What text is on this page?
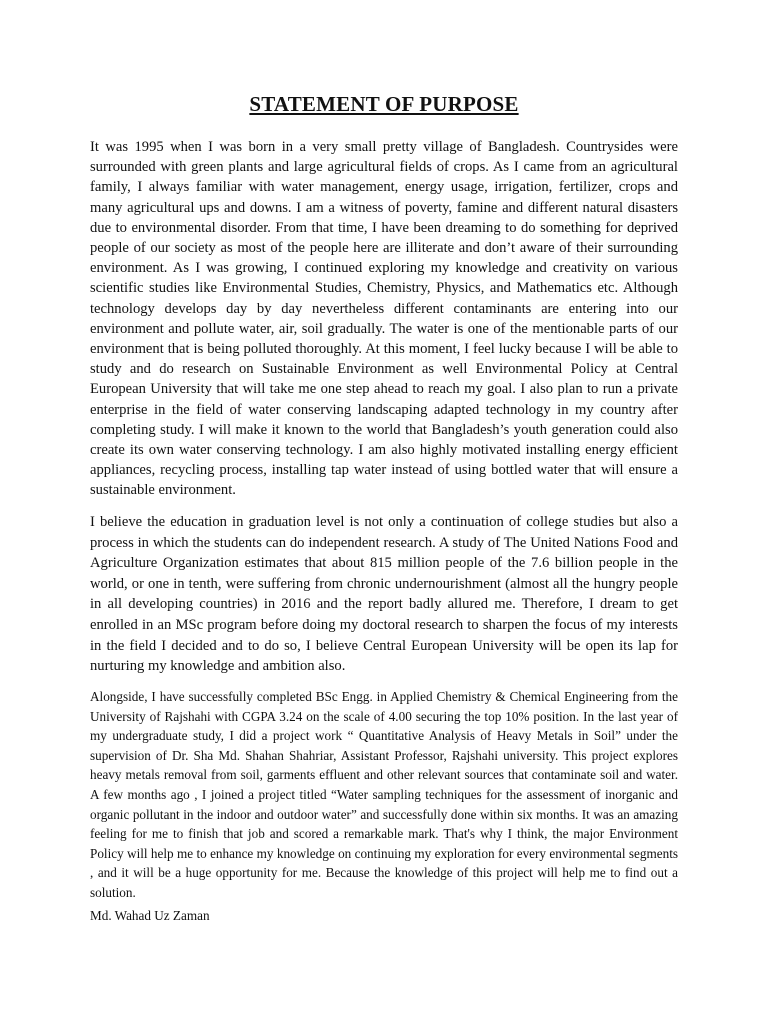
STATEMENT OF PURPOSE

It was 1995 when I was born in a very small pretty village of Bangladesh. Countrysides were surrounded with green plants and large agricultural fields of crops. As I came from an agricultural family, I always familiar with water management, energy usage, irrigation, fertilizer, crops and many agricultural ups and downs. I am a witness of poverty, famine and different natural disasters due to environmental disorder. From that time, I have been dreaming to do something for deprived people of our society as most of the people here are illiterate and don’t aware of their surrounding environment. As I was growing, I continued exploring my knowledge and creativity on various scientific studies like Environmental Studies, Chemistry, Physics, and Mathematics etc. Although technology develops day by day nevertheless different contaminants are entering into our environment and pollute water, air, soil gradually. The water is one of the mentionable parts of our environment that is being polluted thoroughly. At this moment, I feel lucky because I will be able to study and do research on Sustainable Environment as well Environmental Policy at Central European University that will take me one step ahead to reach my goal. I also plan to run a private enterprise in the field of water conserving landscaping adapted technology in my country after completing study. I will make it known to the world that Bangladesh’s youth generation could also create its own water conserving technology. I am also highly motivated installing energy efficient appliances, recycling process, installing tap water instead of using bottled water that will ensure a sustainable environment.

I believe the education in graduation level is not only a continuation of college studies but also a process in which the students can do independent research. A study of The United Nations Food and Agriculture Organization estimates that about 815 million people of the 7.6 billion people in the world, or one in tenth, were suffering from chronic undernourishment (almost all the hungry people in all developing countries) in 2016 and the report badly allured me. Therefore, I dream to get enrolled in an MSc program before doing my doctoral research to sharpen the focus of my interests in the field I decided and to do so, I believe Central European University will be open its lap for nurturing my knowledge and ambition also.

Alongside, I have successfully completed BSc Engg. in Applied Chemistry & Chemical Engineering from the University of Rajshahi with CGPA 3.24 on the scale of 4.00 securing the top 10% position. In the last year of my undergraduate study, I did a project work “ Quantitative Analysis of Heavy Metals in Soil” under the supervision of Dr. Sha Md. Shahan Shahriar, Assistant Professor, Rajshahi university. This project explores heavy metals removal from soil, garments effluent and other relevant sources that contaminate soil and water. A few months ago , I joined a project titled “Water sampling techniques for the assessment of inorganic and organic pollutant in the indoor and outdoor water” and successfully done within six months. It was an amazing feeling for me to finish that job and scored a remarkable mark. That's why I think, the major Environment Policy will help me to enhance my knowledge on continuing my exploration for every environmental segments , and it will be a huge opportunity for me. Because the knowledge of this project will help me to find out a solution.

Md. Wahad Uz Zaman
